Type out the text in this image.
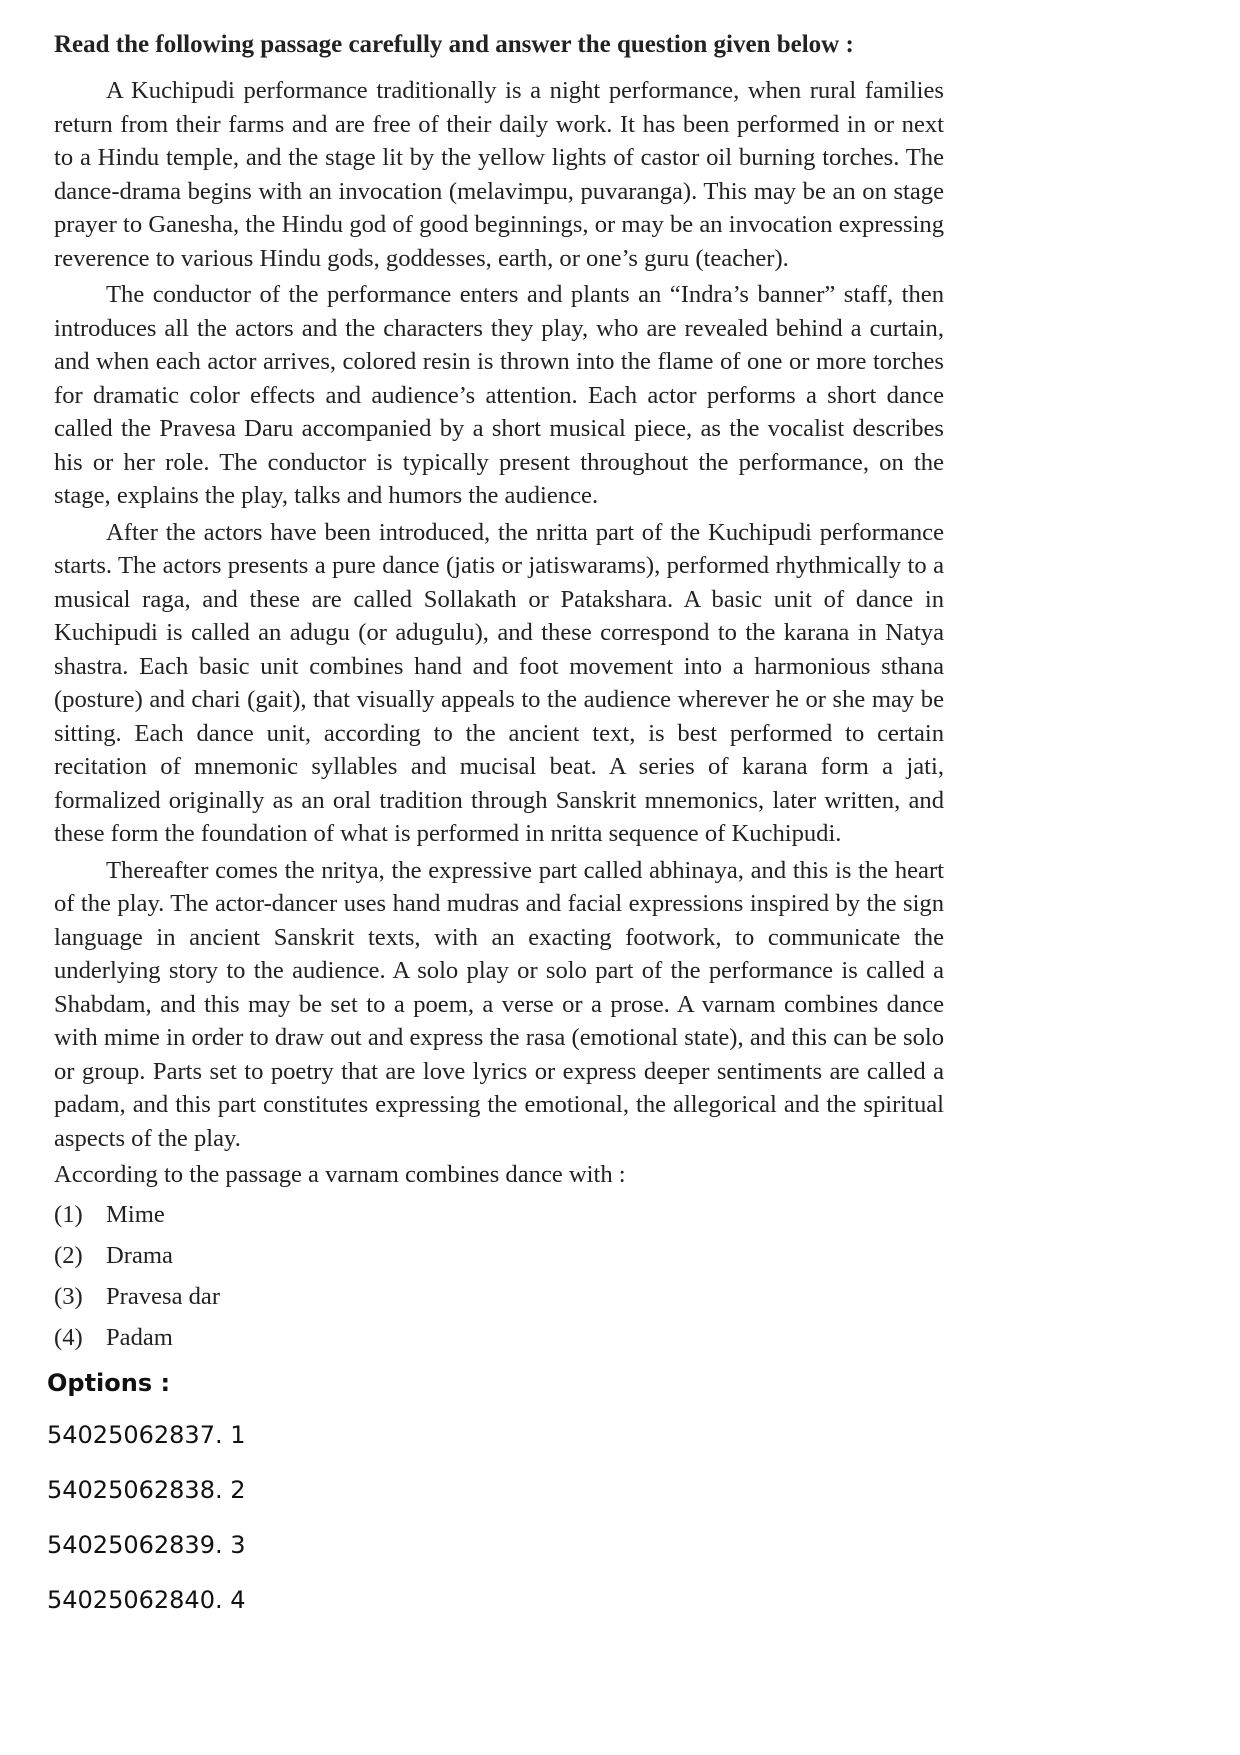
Read the following passage carefully and answer the question given below :

A Kuchipudi performance traditionally is a night performance, when rural families return from their farms and are free of their daily work. It has been performed in or next to a Hindu temple, and the stage lit by the yellow lights of castor oil burning torches. The dance-drama begins with an invocation (melavimpu, puvaranga). This may be an on stage prayer to Ganesha, the Hindu god of good beginnings, or may be an invocation expressing reverence to various Hindu gods, goddesses, earth, or one’s guru (teacher).

The conductor of the performance enters and plants an “Indra’s banner” staff, then introduces all the actors and the characters they play, who are revealed behind a curtain, and when each actor arrives, colored resin is thrown into the flame of one or more torches for dramatic color effects and audience’s attention. Each actor performs a short dance called the Pravesa Daru accompanied by a short musical piece, as the vocalist describes his or her role. The conductor is typically present throughout the performance, on the stage, explains the play, talks and humors the audience.

After the actors have been introduced, the nritta part of the Kuchipudi performance starts. The actors presents a pure dance (jatis or jatiswarams), performed rhythmically to a musical raga, and these are called Sollakath or Patakshara. A basic unit of dance in Kuchipudi is called an adugu (or adugulu), and these correspond to the karana in Natya shastra. Each basic unit combines hand and foot movement into a harmonious sthana (posture) and chari (gait), that visually appeals to the audience wherever he or she may be sitting. Each dance unit, according to the ancient text, is best performed to certain recitation of mnemonic syllables and mucisal beat. A series of karana form a jati, formalized originally as an oral tradition through Sanskrit mnemonics, later written, and these form the foundation of what is performed in nritta sequence of Kuchipudi.

Thereafter comes the nritya, the expressive part called abhinaya, and this is the heart of the play. The actor-dancer uses hand mudras and facial expressions inspired by the sign language in ancient Sanskrit texts, with an exacting footwork, to communicate the underlying story to the audience. A solo play or solo part of the performance is called a Shabdam, and this may be set to a poem, a verse or a prose. A varnam combines dance with mime in order to draw out and express the rasa (emotional state), and this can be solo or group. Parts set to poetry that are love lyrics or express deeper sentiments are called a padam, and this part constitutes expressing the emotional, the allegorical and the spiritual aspects of the play.

According to the passage a varnam combines dance with :
(1) Mime
(2) Drama
(3) Pravesa dar
(4) Padam
Options :
54025062837. 1
54025062838. 2
54025062839. 3
54025062840. 4
